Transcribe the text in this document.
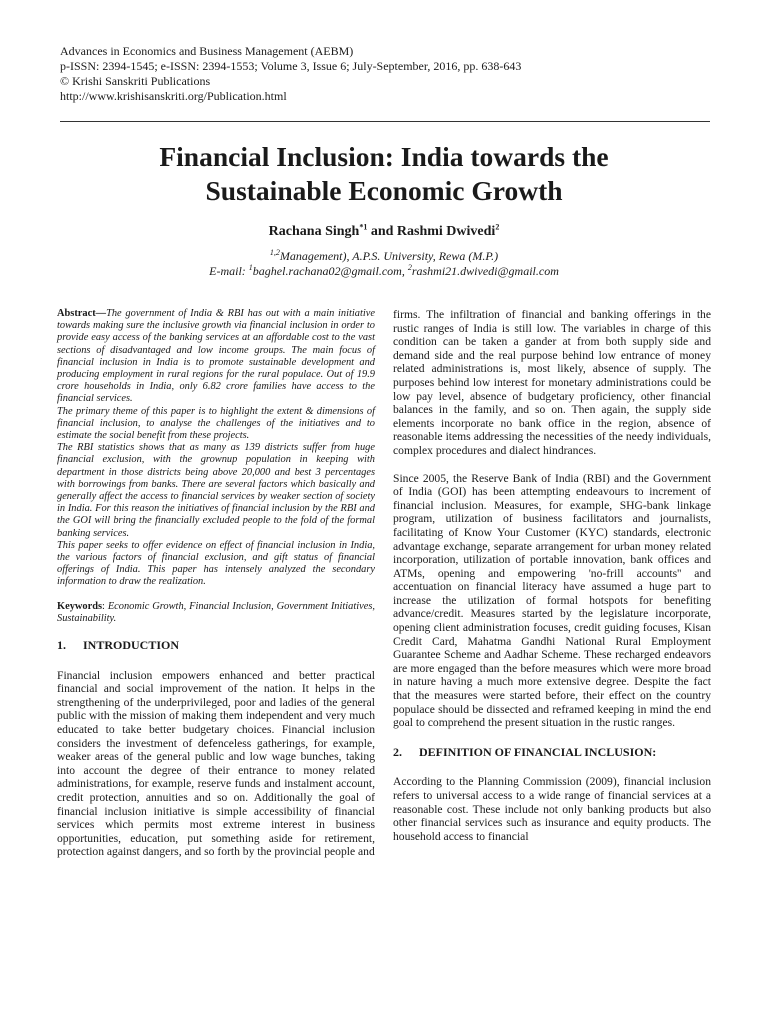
Advances in Economics and Business Management (AEBM)
p-ISSN: 2394-1545; e-ISSN: 2394-1553; Volume 3, Issue 6; July-September, 2016, pp. 638-643
© Krishi Sanskriti Publications
http://www.krishisanskriti.org/Publication.html
Financial Inclusion: India towards the
Sustainable Economic Growth
Rachana Singh$^{*1}$ and Rashmi Dwivedi$^2$
$^{1,2}$Management), A.P.S. University, Rewa (M.P.)
E-mail: $^1$baghel.rachana02@gmail.com, $^2$rashmi21.dwivedi@gmail.com

Abstract—The government of India & RBI has out with a main initiative towards making sure the inclusive growth via financial inclusion in order to provide easy access of the banking services at an affordable cost to the vast sections of disadvantaged and low income groups. The main focus of financial inclusion in India is to promote sustainable development and producing employment in rural regions for the rural populace. Out of 19.9 crore households in India, only 6.82 crore families have access to the financial services.

The primary theme of this paper is to highlight the extent & dimensions of financial inclusion, to analyse the challenges of the initiatives and to estimate the social benefit from these projects.

The RBI statistics shows that as many as 139 districts suffer from huge financial exclusion, with the grownup population in keeping with department in those districts being above 20,000 and best 3 percentages with borrowings from banks. There are several factors which basically and generally affect the access to financial services by weaker section of society in India. For this reason the initiatives of financial inclusion by the RBI and the GOI will bring the financially excluded people to the fold of the formal banking services.

This paper seeks to offer evidence on effect of financial inclusion in India, the various factors of financial exclusion, and gift status of financial offerings of India. This paper has intensely analyzed the secondary information to draw the realization.

Keywords: Economic Growth, Financial Inclusion, Government Initiatives, Sustainability.

1. INTRODUCTION

Financial inclusion empowers enhanced and better practical financial and social improvement of the nation. It helps in the strengthening of the underprivileged, poor and ladies of the general public with the mission of making them independent and very much educated to take better budgetary choices. Financial inclusion considers the investment of defenceless gatherings, for example, weaker areas of the general public and low wage bunches, taking into account the degree of their entrance to money related administrations, for example, reserve funds and instalment account, credit protection, annuities and so on. Additionally the goal of financial inclusion initiative is simple accessibility of financial services which permits most extreme interest in business opportunities, education, put something aside for retirement, protection against dangers, and so forth by the provincial people and

firms. The infiltration of financial and banking offerings in the rustic ranges of India is still low. The variables in charge of this condition can be taken a gander at from both supply side and demand side and the real purpose behind low entrance of money related administrations is, most likely, absence of supply. The purposes behind low interest for monetary administrations could be low pay level, absence of budgetary proficiency, other financial balances in the family, and so on. Then again, the supply side elements incorporate no bank office in the region, absence of reasonable items addressing the necessities of the needy individuals, complex procedures and dialect hindrances.

Since 2005, the Reserve Bank of India (RBI) and the Government of India (GOI) has been attempting endeavours to increment of financial inclusion. Measures, for example, SHG-bank linkage program, utilization of business facilitators and journalists, facilitating of Know Your Customer (KYC) standards, electronic advantage exchange, separate arrangement for urban money related incorporation, utilization of portable innovation, bank offices and ATMs, opening and empowering 'no-frill accounts'' and accentuation on financial literacy have assumed a huge part to increase the utilization of formal hotspots for benefiting advance/credit. Measures started by the legislature incorporate, opening client administration focuses, credit guiding focuses, Kisan Credit Card, Mahatma Gandhi National Rural Employment Guarantee Scheme and Aadhar Scheme. These recharged endeavors are more engaged than the before measures which were more broad in nature having a much more extensive degree. Despite the fact that the measures were started before, their effect on the country populace should be dissected and reframed keeping in mind the end goal to comprehend the present situation in the rustic ranges.

2. DEFINITION OF FINANCIAL INCLUSION:

According to the Planning Commission (2009), financial inclusion refers to universal access to a wide range of financial services at a reasonable cost. These include not only banking products but also other financial services such as insurance and equity products. The household access to financial
